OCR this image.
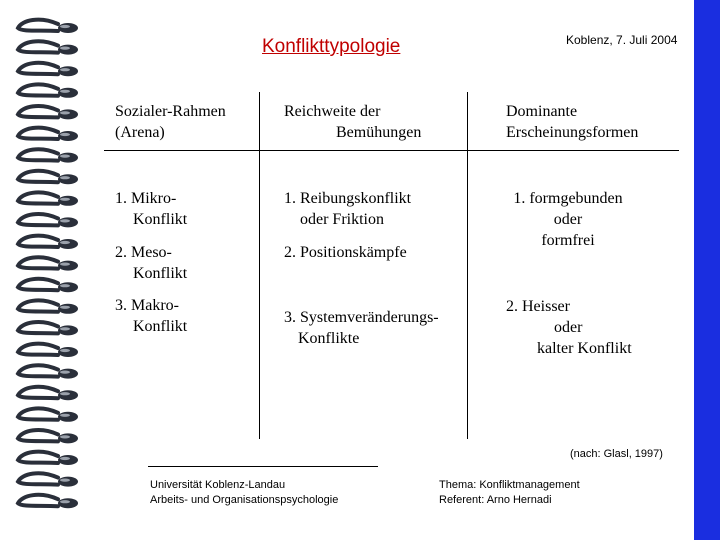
Konflikttypologie	Koblenz, 7. Juli 2004
Sozialer-Rahmen
(Arena)
Reichweite der
Bemühungen
Dominante
Erscheinungsformen
1. Mikro-
Konflikt
2. Meso-
Konflikt
3. Makro-
Konflikt
1. Reibungskonflikt
oder Friktion
2. Positionskämpfe
3. Systemveränderungs-
Konflikte
1. formgebunden
oder
formfrei
2. Heisser
oder
kalter Konflikt
(nach: Glasl, 1997)
Universität Koblenz-Landau
Arbeits- und Organisationspsychologie
Thema: Konfliktmanagement
Referent: Arno Hernadi
